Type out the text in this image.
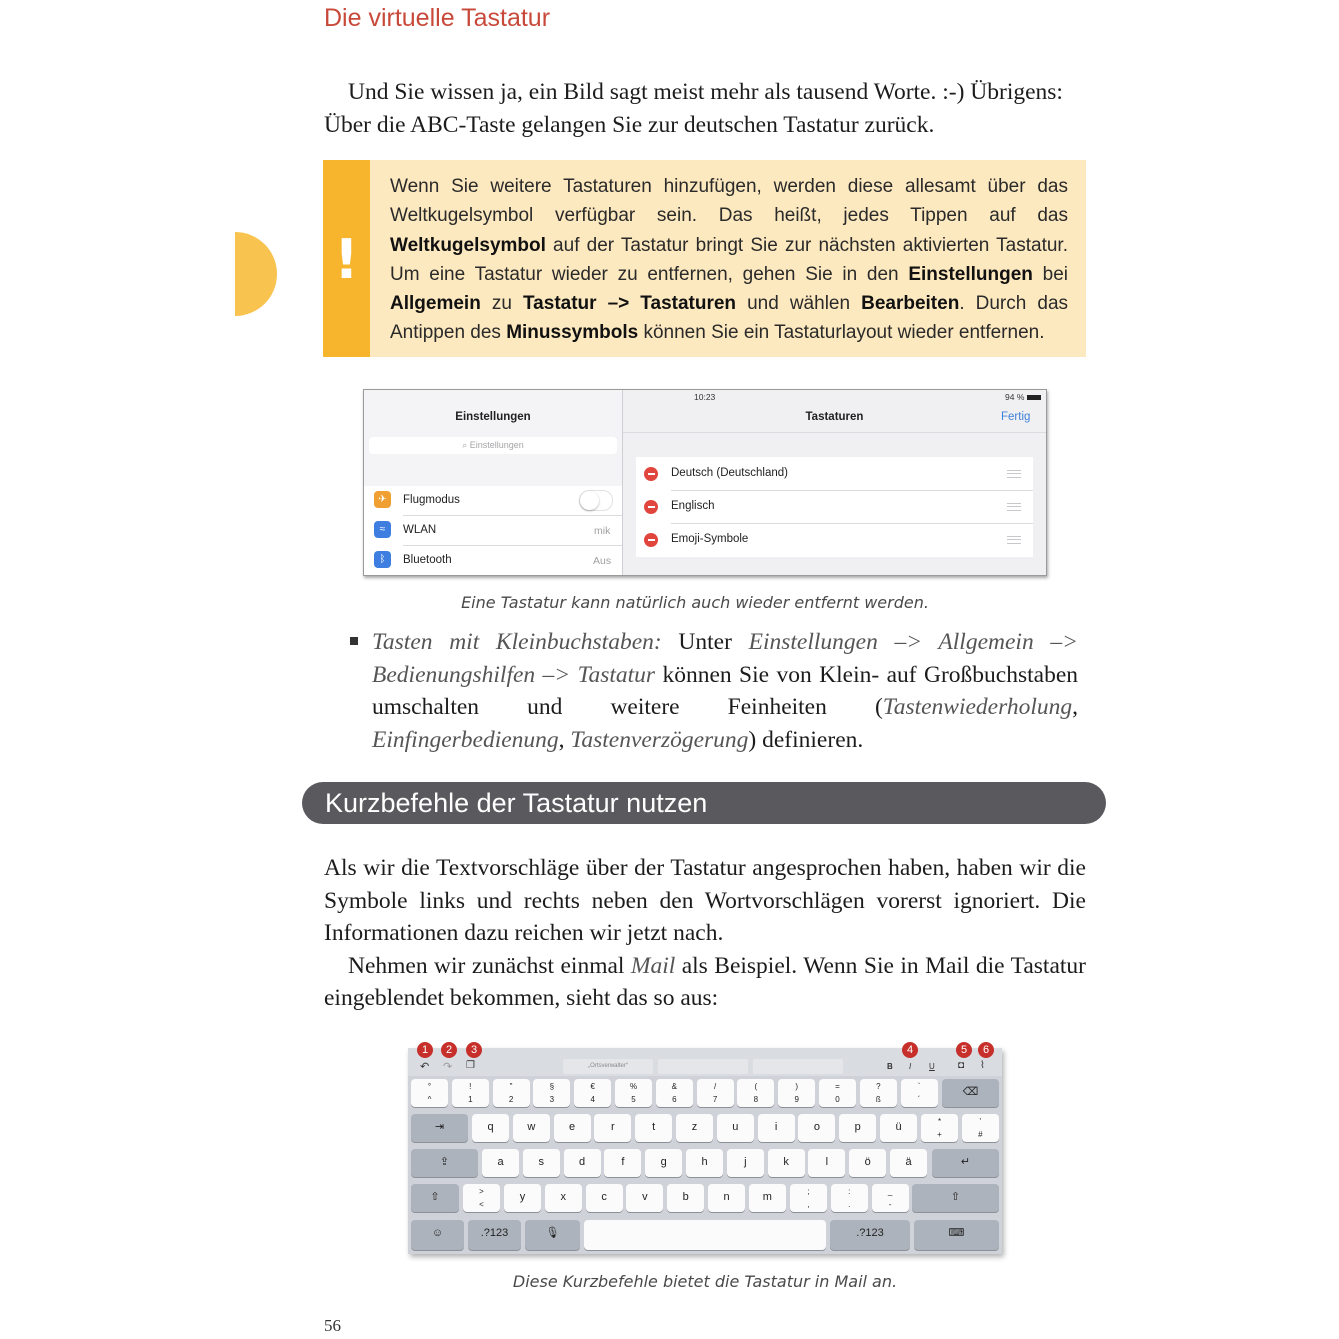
Die virtuelle Tastatur
Und Sie wissen ja, ein Bild sagt meist mehr als tausend Worte. :-) Übrigens:
Über die ABC-Taste gelangen Sie zur deutschen Tastatur zurück.
!
Wenn Sie weitere Tastaturen hinzufügen, werden diese allesamt über das Weltkugelsymbol verfügbar sein. Das heißt, jedes Tippen auf das Weltkugelsymbol auf der Tastatur bringt Sie zur nächsten aktivierten Tastatur. Um eine Tastatur wieder zu entfernen, gehen Sie in den Einstellungen bei Allgemein zu Tastatur –> Tastaturen und wählen Bearbeiten. Durch das Antippen des Minussymbols können Sie ein Tastaturlayout wieder entfernen.
10:23	94 %
Einstellungen
⌕ Einstellungen
✈	Flugmodus
≈	WLAN	mik
ᛒ	Bluetooth	Aus
Tastaturen	Fertig
Deutsch (Deutschland)
Englisch
Emoji-Symbole
Eine Tastatur kann natürlich auch wieder entfernt werden.
Tasten mit Kleinbuchstaben: Unter Einstellungen –> Allgemein –> Bedienungshilfen –> Tastatur können Sie von Klein- auf Großbuchstaben umschalten und weitere Feinheiten (Tastenwiederholung, Einfingerbedienung, Tastenverzögerung) definieren.
Kurzbefehle der Tastatur nutzen
Als wir die Textvorschläge über der Tastatur angesprochen haben, haben wir die Symbole links und rechts neben den Wortvorschlägen vorerst ignoriert. Die Informationen dazu reichen wir jetzt nach.
Nehmen wir zunächst einmal Mail als Beispiel. Wenn Sie in Mail die Tastatur eingeblendet bekommen, sieht das so aus:
↶ ↷ ❐	„Ortsverwalter“	B I U ◘ ⌇
°
^
!
1
"
2
§
3
€
4
%
5
&
6
/
7
(
8
)
9
=
0
?
ß
`
´
⌫
⇥	q	w	e	r	t	z	u	i	o	p	ü	*
+
'
#
⇪	a	s	d	f	g	h	j	k	l	ö	ä	↵
⇧	>
<
y	x	c	v	b	n	m	;
,
:
.
_
-
⇧
☺	.?123	🎙	.?123	⌨
1	2	3	4	5	6
Diese Kurzbefehle bietet die Tastatur in Mail an.
56
